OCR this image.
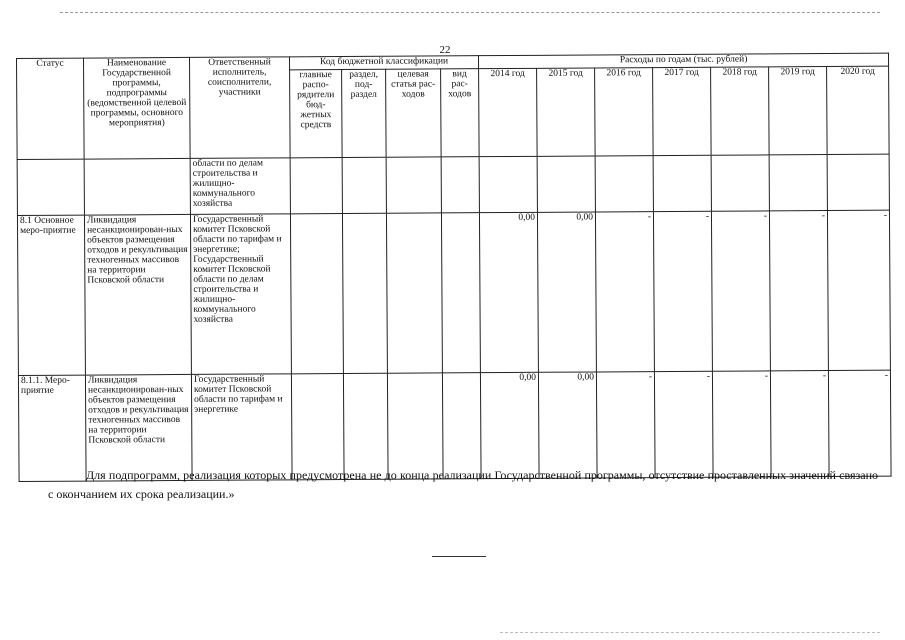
22
Статус	Наименование Государственной программы, подпрограммы (ведомственной целевой программы, основного мероприятия)	Ответственный исполнитель, соисполнители, участники	Код бюджетной классификации				Расходы по годам (тыс. рублей)						
			главные распо-рядители бюд-жетных средств	раздел, под-раздел	целевая статья рас-ходов	вид рас-ходов	2014 год	2015 год	2016 год	2017 год	2018 год	2019 год	2020 год
		области по делам строительства и жилищно-коммунального хозяйства											
8.1 Основное меро-приятие	Ликвидация несанкционирован-ных объектов размещения отходов и рекультивация техногенных массивов на территории Псковской области	Государственный комитет Псковской области по тарифам и энергетике; Государственный комитет Псковской области по делам строительства и жилищно-коммунального хозяйства					0,00	0,00	-	-	-	-	-
8.1.1. Меро-приятие	Ликвидация несанкционирован-ных объектов размещения отходов и рекультивация техногенных массивов на территории Псковской области	Государственный комитет Псковской области по тарифам и энергетике					0,00	0,00	-	-	-	-	-
Для подпрограмм, реализация которых предусмотрена не до конца реализации Государственной программы, отсутствие проставленных значений связано с окончанием их срока реализации.»
